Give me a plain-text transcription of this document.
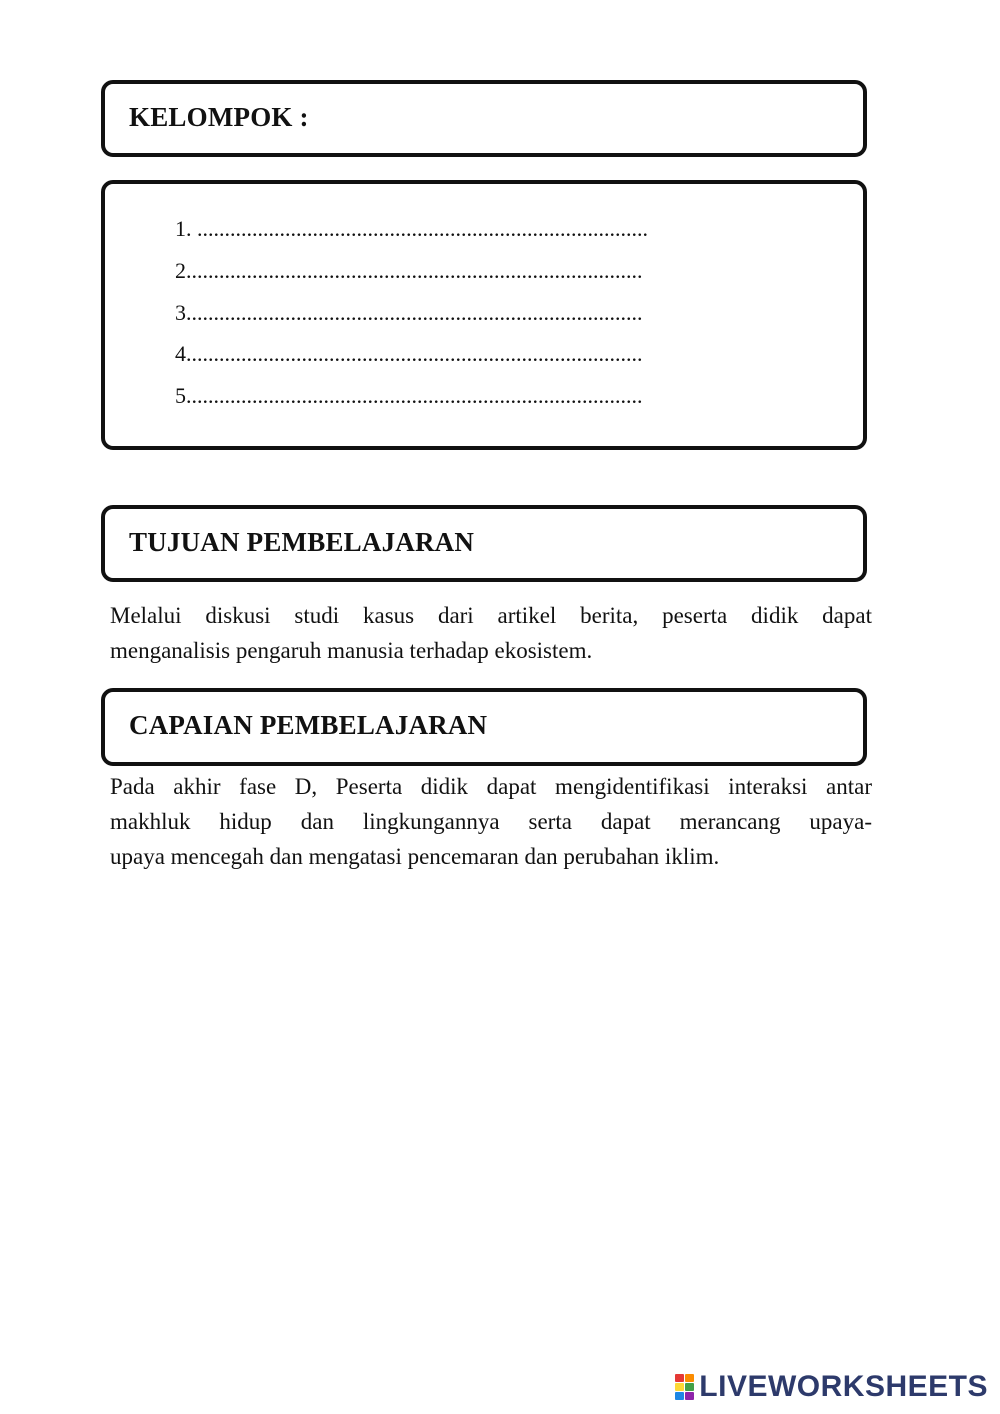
KELOMPOK :
1. ..................................................................................
2...................................................................................
3...................................................................................
4...................................................................................
5...................................................................................
TUJUAN PEMBELAJARAN
Melalui diskusi studi kasus dari artikel berita, peserta didik dapat
menganalisis pengaruh manusia terhadap ekosistem.
CAPAIAN PEMBELAJARAN
Pada akhir fase D, Peserta didik dapat mengidentifikasi interaksi antar
makhluk hidup dan lingkungannya serta dapat merancang upaya-
upaya mencegah dan mengatasi pencemaran dan perubahan iklim.
LIVEWORKSHEETS
